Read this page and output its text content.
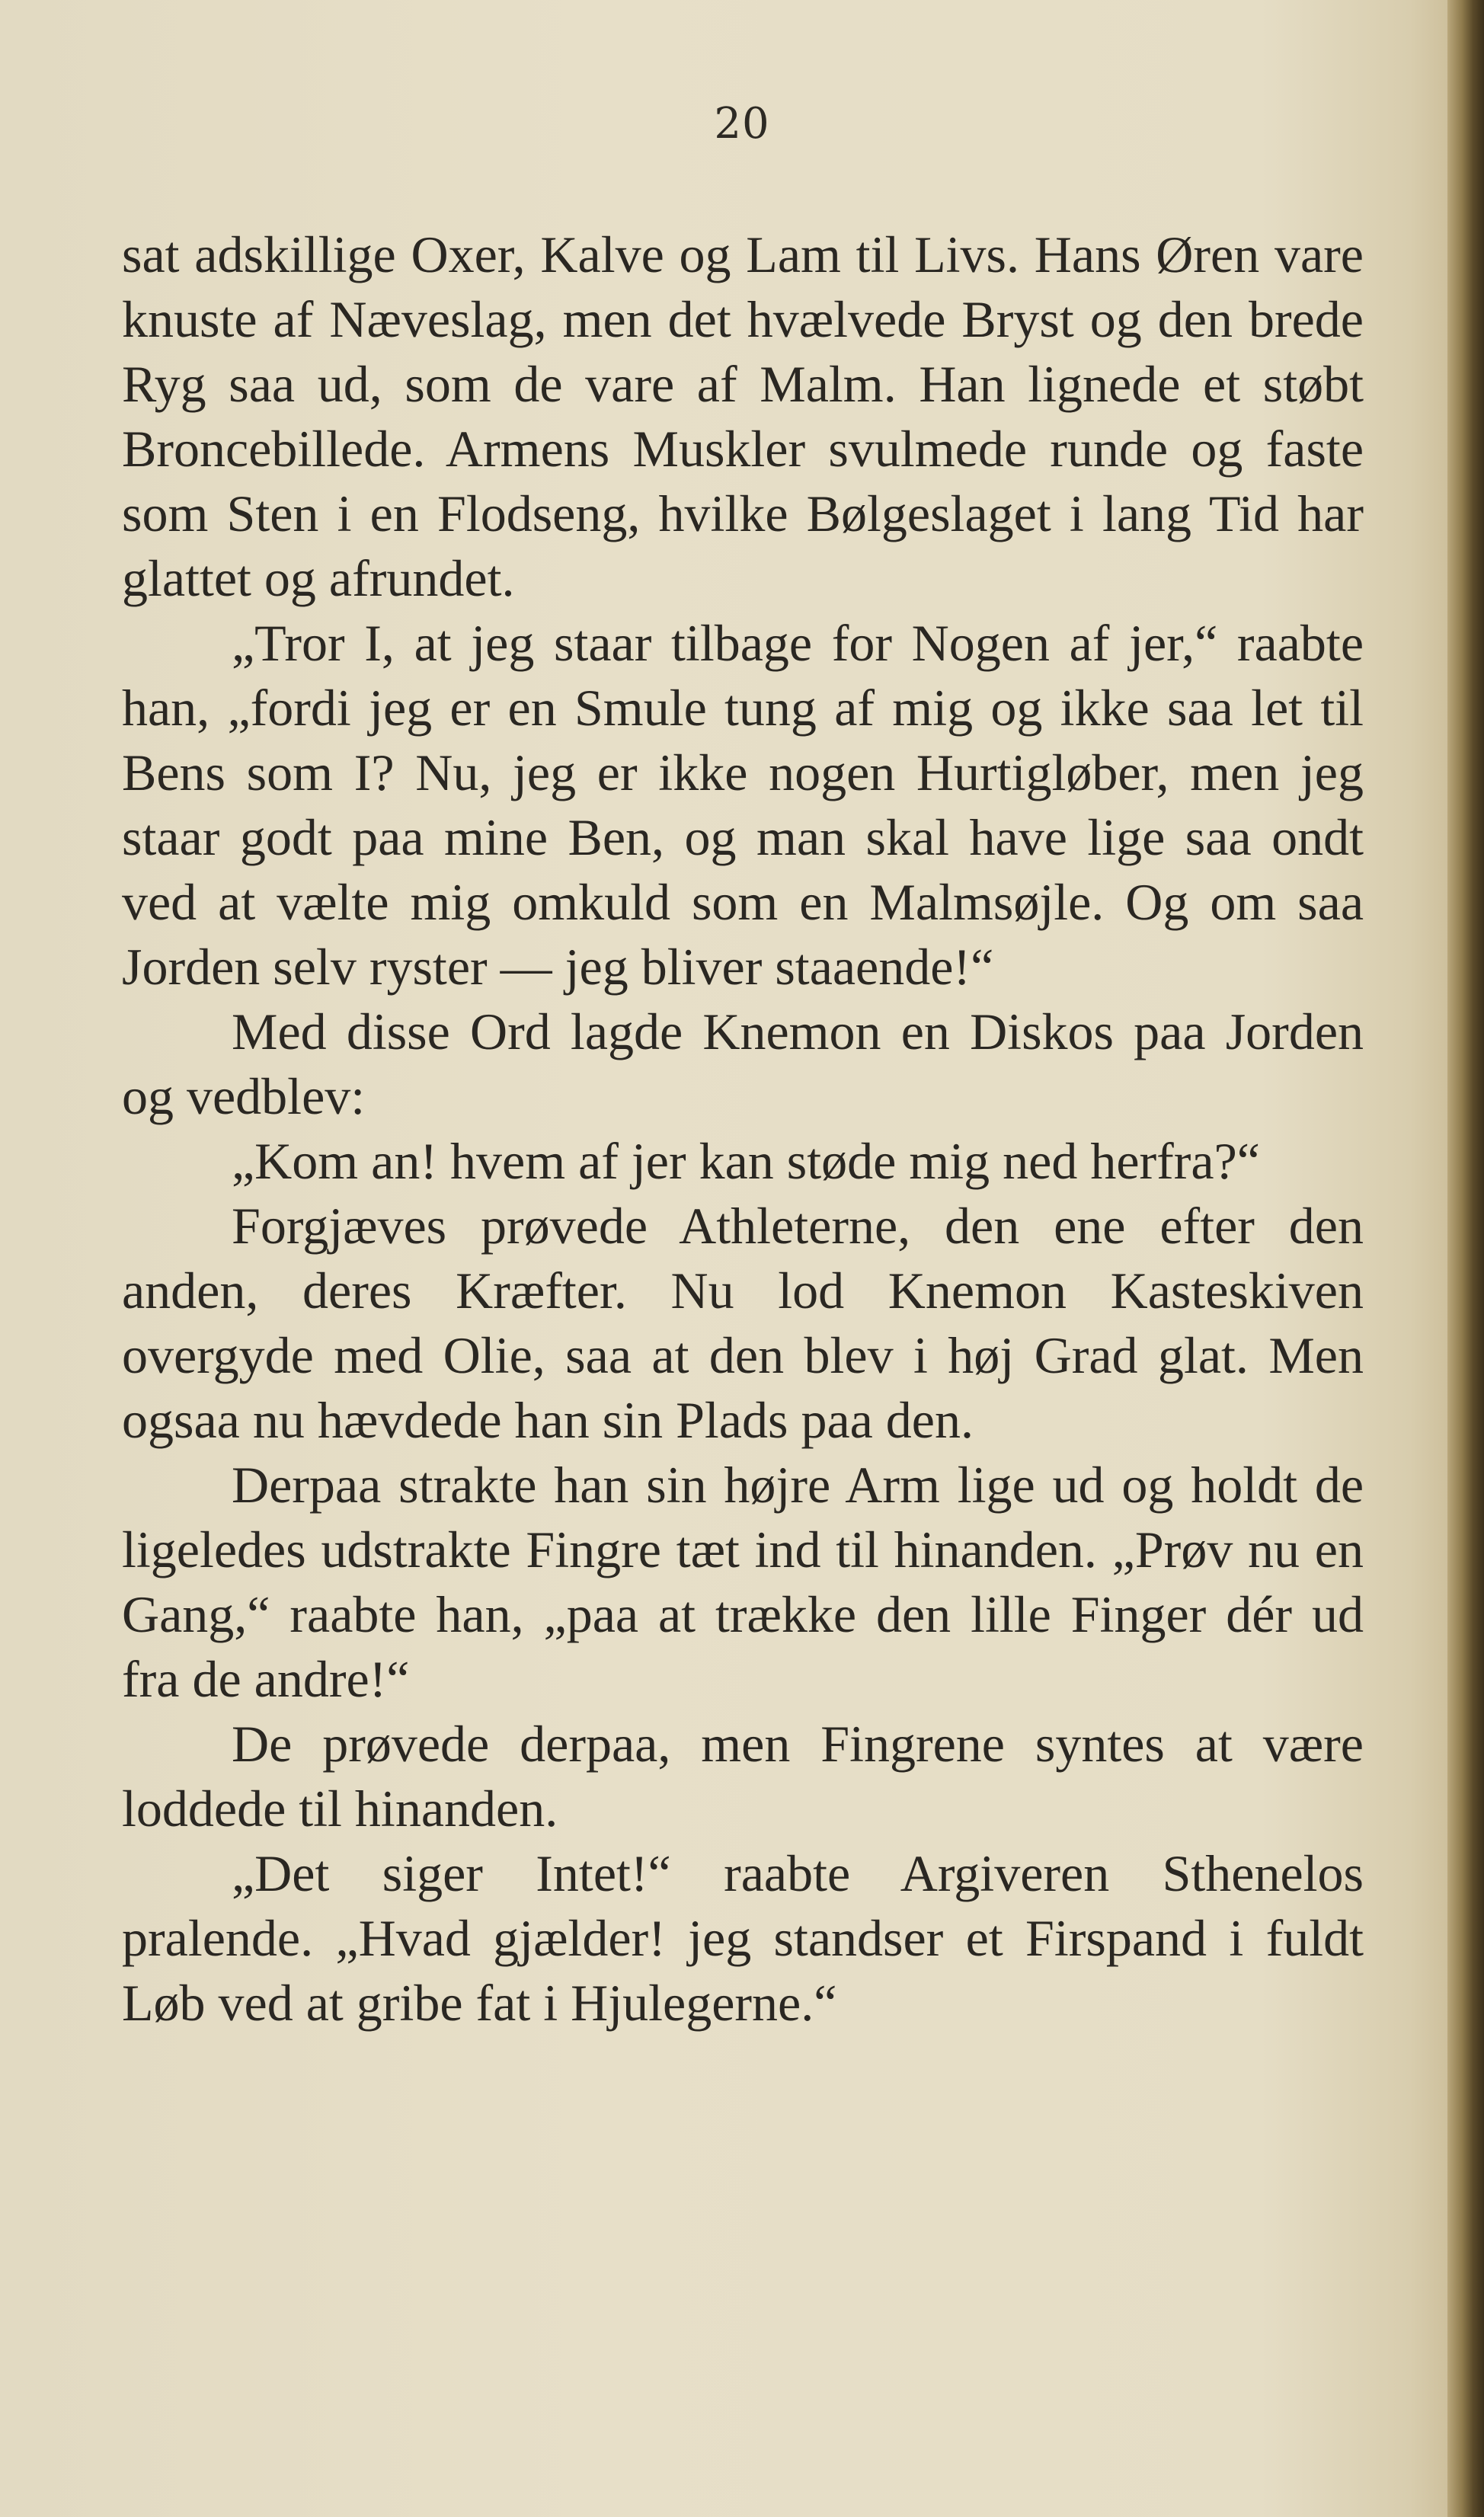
20

sat adskillige Oxer, Kalve og Lam til Livs. Hans Øren vare knuste af Næveslag, men det hvælvede Bryst og den brede Ryg saa ud, som de vare af Malm. Han lignede et støbt Broncebillede. Armens Muskler svulmede runde og faste som Sten i en Flodseng, hvilke Bølgeslaget i lang Tid har glattet og afrundet.

„Tror I, at jeg staar tilbage for Nogen af jer,“ raabte han, „fordi jeg er en Smule tung af mig og ikke saa let til Bens som I? Nu, jeg er ikke nogen Hurtigløber, men jeg staar godt paa mine Ben, og man skal have lige saa ondt ved at vælte mig omkuld som en Malmsøjle. Og om saa Jorden selv ryster — jeg bliver staaende!“

Med disse Ord lagde Knemon en Diskos paa Jorden og vedblev:

„Kom an! hvem af jer kan støde mig ned herfra?“

Forgjæves prøvede Athleterne, den ene efter den anden, deres Kræfter. Nu lod Knemon Kasteskiven overgyde med Olie, saa at den blev i høj Grad glat. Men ogsaa nu hævdede han sin Plads paa den.

Derpaa strakte han sin højre Arm lige ud og holdt de ligeledes udstrakte Fingre tæt ind til hinanden. „Prøv nu en Gang,“ raabte han, „paa at trække den lille Finger dér ud fra de andre!“

De prøvede derpaa, men Fingrene syntes at være loddede til hinanden.

„Det siger Intet!“ raabte Argiveren Sthenelos pralende. „Hvad gjælder! jeg standser et Firspand i fuldt Løb ved at gribe fat i Hjulegerne.“
